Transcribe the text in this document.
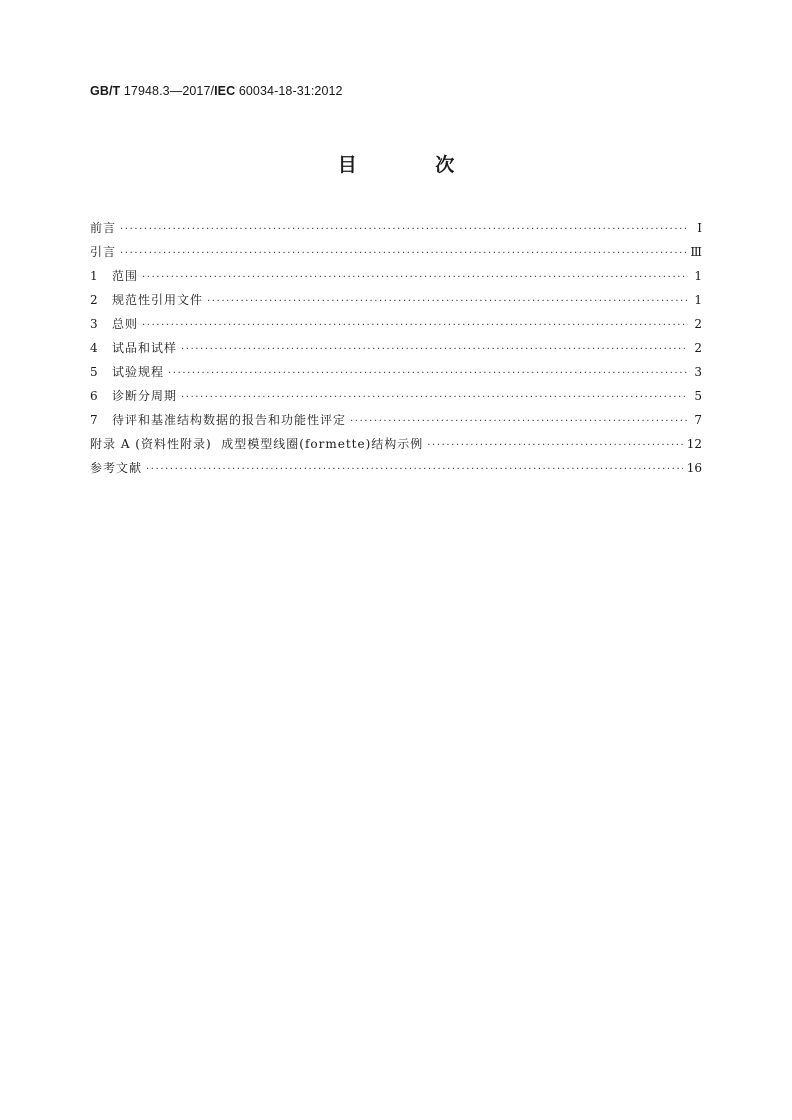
GB/T 17948.3—2017/IEC 60034-18-31:2012
目 次
前言 ·····	Ⅰ
引言 ·····	Ⅲ
1	范围 ·····	1
2	规范性引用文件 ·····	1
3	总则 ·····	2
4	试品和试样 ·····	2
5	试验规程 ·····	3
6	诊断分周期 ·····	5
7	待评和基准结构数据的报告和功能性评定 ·····	7
附录 A (资料性附录)  成型模型线圈(formette)结构示例 ·····	12
参考文献 ·····	16
